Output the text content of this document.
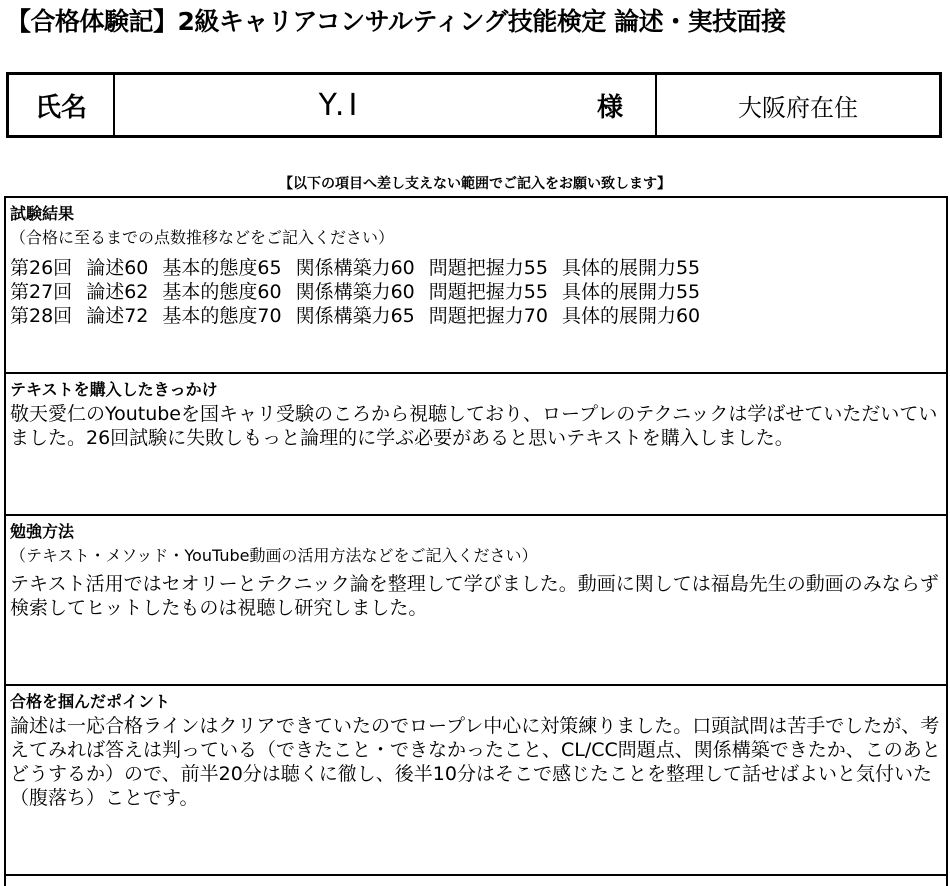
【合格体験記】2級キャリアコンサルティング技能検定 論述・実技面接
氏名	Y.I	様	大阪府在住
【以下の項目へ差し支えない範囲でご記入をお願い致します】
試験結果
（合格に至るまでの点数推移などをご記入ください）
第26回 論述60 基本的態度65 関係構築力60 問題把握力55 具体的展開力55
第27回 論述62 基本的態度60 関係構築力60 問題把握力55 具体的展開力55
第28回 論述72 基本的態度70 関係構築力65 問題把握力70 具体的展開力60
テキストを購入したきっかけ
敬天愛仁のYoutubeを国キャリ受験のころから視聴しており、ロープレのテクニックは学ばせていただいていました。26回試験に失敗しもっと論理的に学ぶ必要があると思いテキストを購入しました。
勉強方法
（テキスト・メソッド・YouTube動画の活用方法などをご記入ください）
テキスト活用ではセオリーとテクニック論を整理して学びました。動画に関しては福島先生の動画のみならず検索してヒットしたものは視聴し研究しました。
合格を掴んだポイント
論述は一応合格ラインはクリアできていたのでロープレ中心に対策練りました。口頭試問は苦手でしたが、考えてみれば答えは判っている（できたこと・できなかったこと、CL/CC問題点、関係構築できたか、このあとどうするか）ので、前半20分は聴くに徹し、後半10分はそこで感じたことを整理して話せばよいと気付いた（腹落ち）ことです。
